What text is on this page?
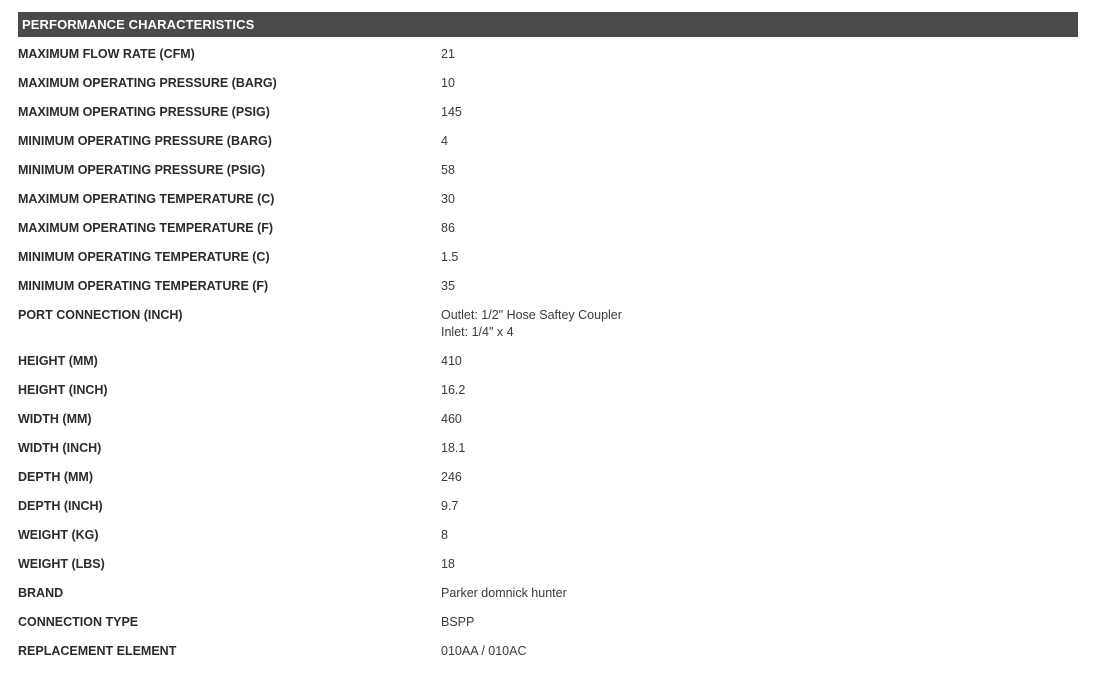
PERFORMANCE CHARACTERISTICS
MAXIMUM FLOW RATE (CFM)	21
MAXIMUM OPERATING PRESSURE (BARG)	10
MAXIMUM OPERATING PRESSURE (PSIG)	145
MINIMUM OPERATING PRESSURE (BARG)	4
MINIMUM OPERATING PRESSURE (PSIG)	58
MAXIMUM OPERATING TEMPERATURE (C)	30
MAXIMUM OPERATING TEMPERATURE (F)	86
MINIMUM OPERATING TEMPERATURE (C)	1.5
MINIMUM OPERATING TEMPERATURE (F)	35
PORT CONNECTION (INCH)	Outlet: 1/2" Hose Saftey Coupler
Inlet: 1/4" x 4
HEIGHT (MM)	410
HEIGHT (INCH)	16.2
WIDTH (MM)	460
WIDTH (INCH)	18.1
DEPTH (MM)	246
DEPTH (INCH)	9.7
WEIGHT (KG)	8
WEIGHT (LBS)	18
BRAND	Parker domnick hunter
CONNECTION TYPE	BSPP
REPLACEMENT ELEMENT	010AA / 010AC
